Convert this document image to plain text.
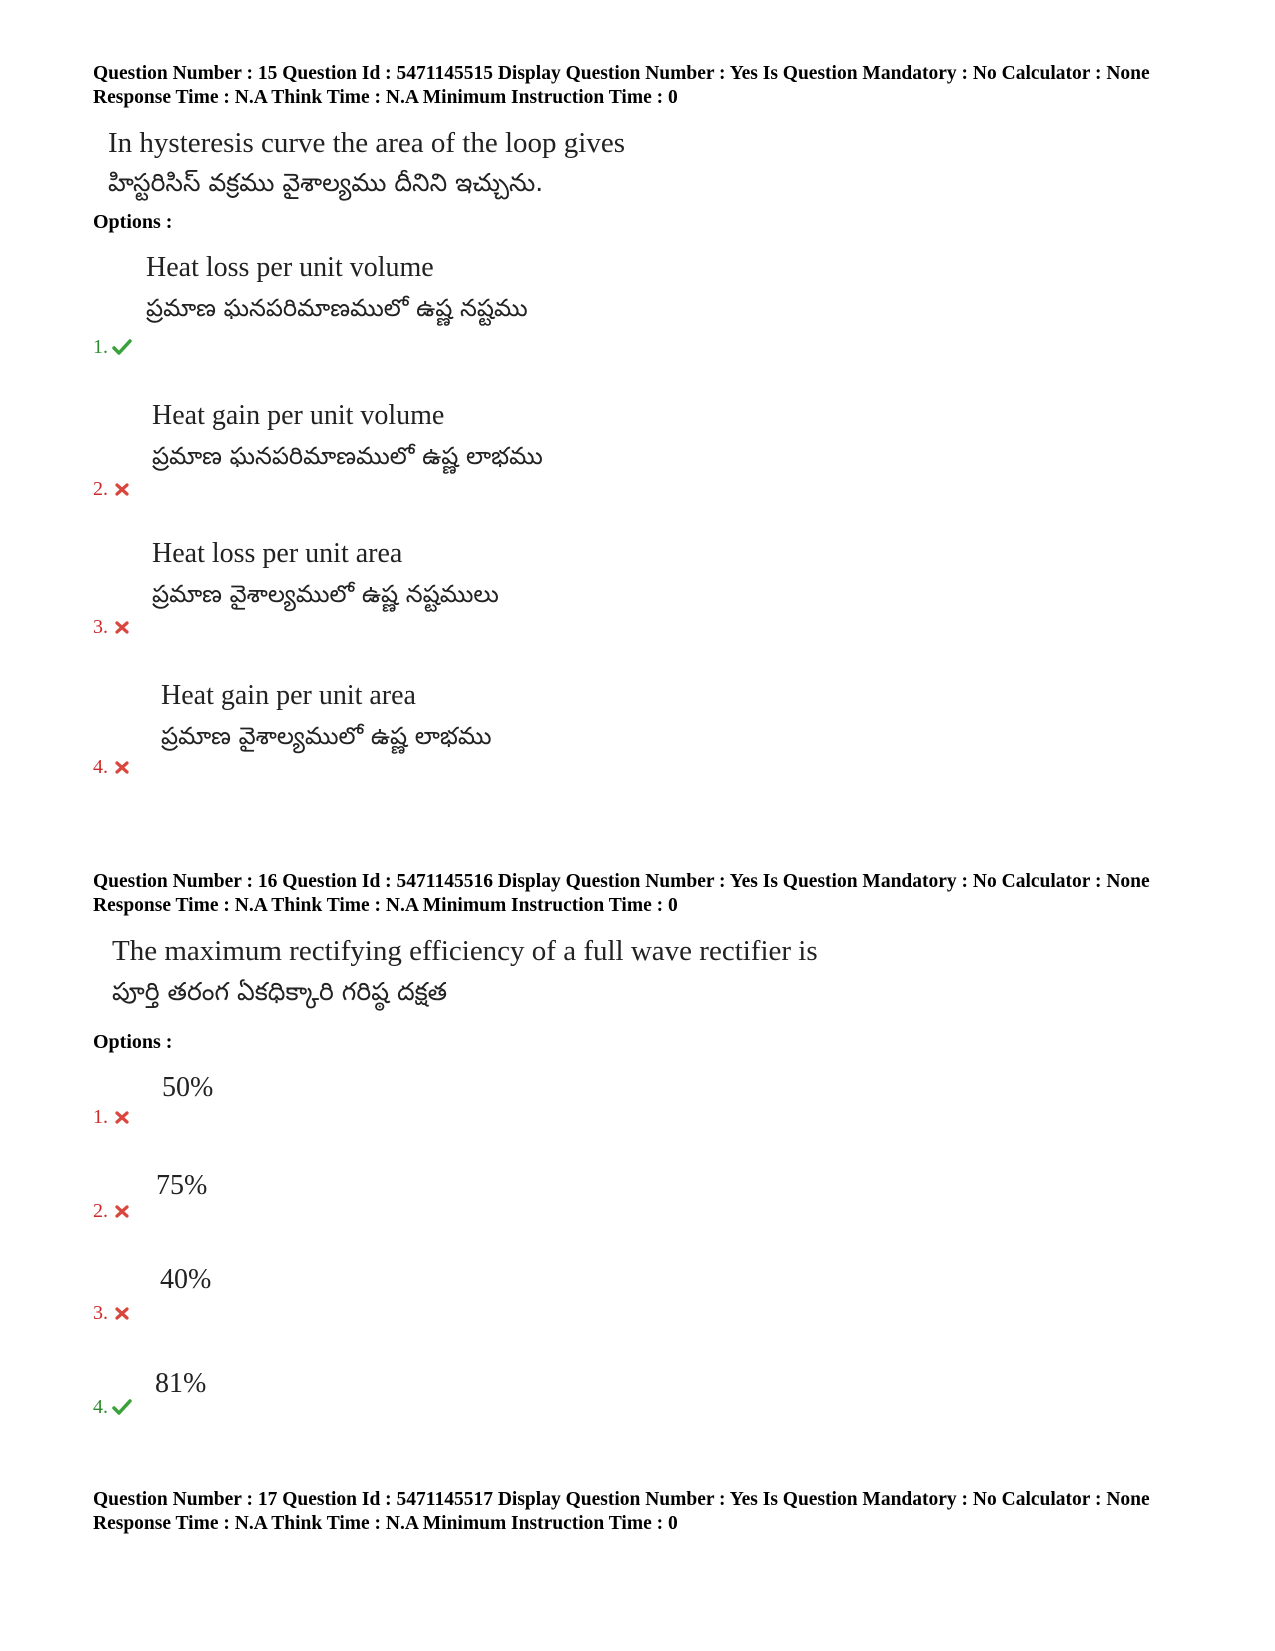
Question Number : 15 Question Id : 5471145515 Display Question Number : Yes Is Question Mandatory : No Calculator : None Response Time : N.A Think Time : N.A Minimum Instruction Time : 0
In hysteresis curve the area of the loop gives
హిస్టరిసిస్ వక్రము వైశాల్యము దీనిని ఇచ్చును.
Options :
Heat loss per unit volume
ప్రమాణ ఘనపరిమాణములో ఉష్ణ నష్టము
1.
Heat gain per unit volume
ప్రమాణ ఘనపరిమాణములో ఉష్ణ లాభము
2.
Heat loss per unit area
ప్రమాణ వైశాల్యములో ఉష్ణ నష్టములు
3.
Heat gain per unit area
ప్రమాణ వైశాల్యములో ఉష్ణ లాభము
4.
Question Number : 16 Question Id : 5471145516 Display Question Number : Yes Is Question Mandatory : No Calculator : None Response Time : N.A Think Time : N.A Minimum Instruction Time : 0
The maximum rectifying efficiency of a full wave rectifier is
పూర్తి తరంగ ఏకధిక్కారి గరిష్ఠ దక్షత
Options :
50%
1.
75%
2.
40%
3.
81%
4.
Question Number : 17 Question Id : 5471145517 Display Question Number : Yes Is Question Mandatory : No Calculator : None Response Time : N.A Think Time : N.A Minimum Instruction Time : 0
